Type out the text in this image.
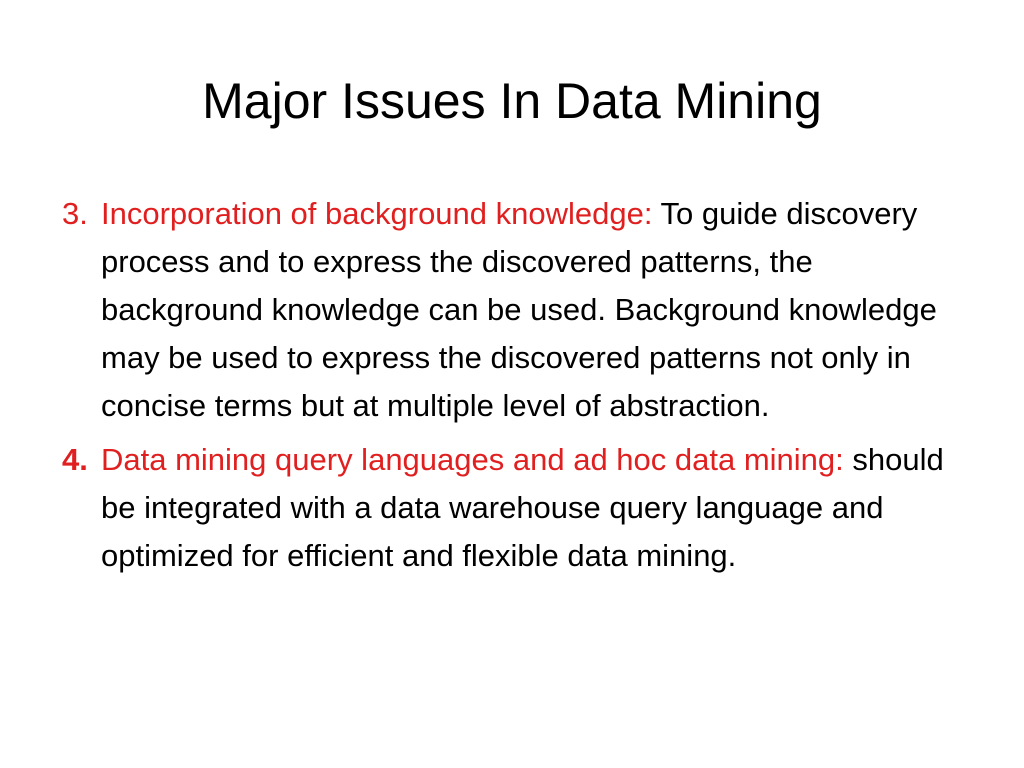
Major Issues In Data Mining

3. Incorporation of background knowledge: To guide discovery process and to express the discovered patterns, the background knowledge can be used. Background knowledge may be used to express the discovered patterns not only in concise terms but at multiple level of abstraction.

4. Data mining query languages and ad hoc data mining: should be integrated with a data warehouse query language and optimized for efficient and flexible data mining.
